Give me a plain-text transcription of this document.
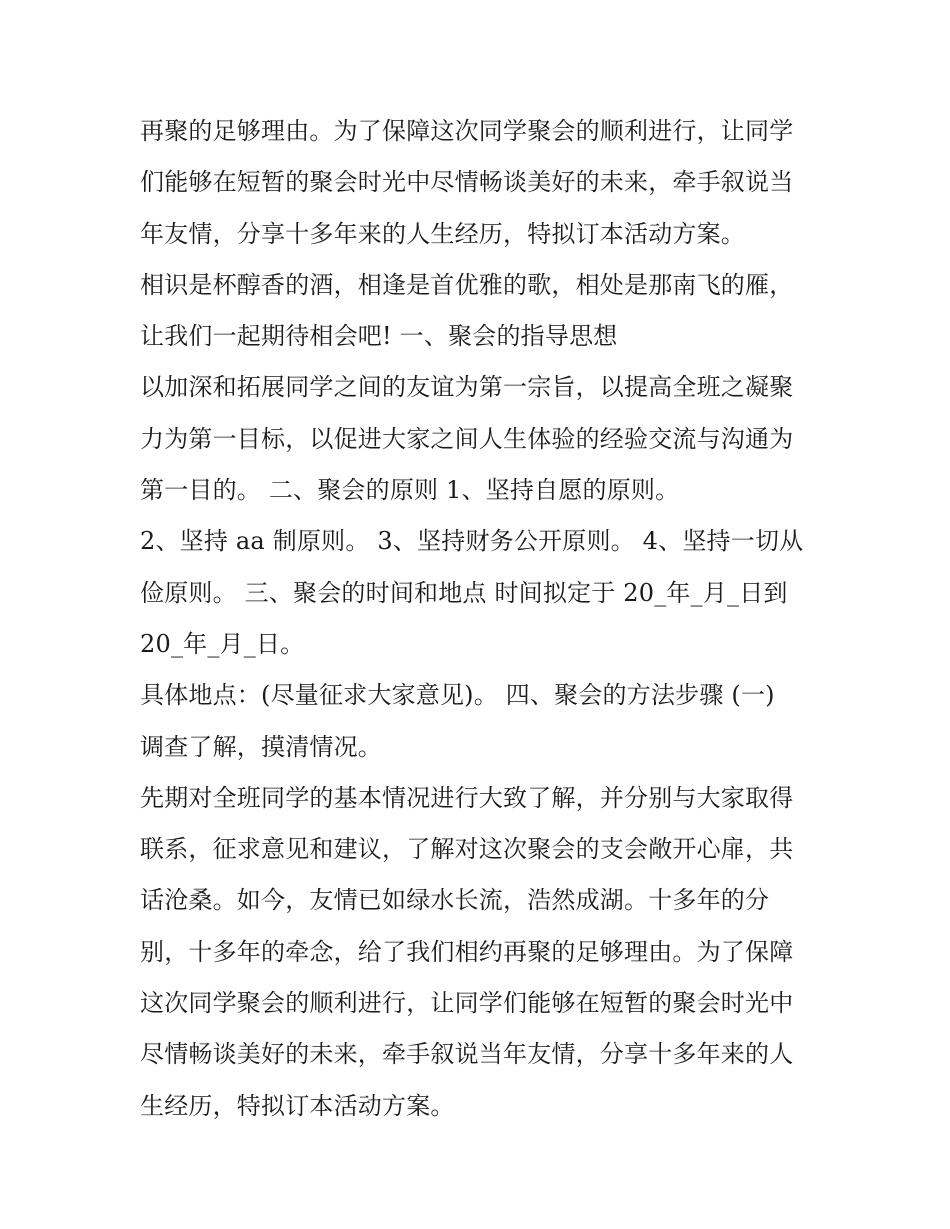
再聚的足够理由。为了保障这次同学聚会的顺利进行，让同学
们能够在短暂的聚会时光中尽情畅谈美好的未来，牵手叙说当
年友情，分享十多年来的人生经历，特拟订本活动方案。
相识是杯醇香的酒，相逢是首优雅的歌，相处是那南飞的雁，
让我们一起期待相会吧! 一、聚会的指导思想
以加深和拓展同学之间的友谊为第一宗旨，以提高全班之凝聚
力为第一目标，以促进大家之间人生体验的经验交流与沟通为
第一目的。 二、聚会的原则 1、坚持自愿的原则。
2、坚持 aa 制原则。 3、坚持财务公开原则。 4、坚持一切从
俭原则。 三、聚会的时间和地点 时间拟定于 20_年_月_日到
20_年_月_日。
具体地点：(尽量征求大家意见)。 四、聚会的方法步骤 (一)
调查了解，摸清情况。
先期对全班同学的基本情况进行大致了解，并分别与大家取得
联系，征求意见和建议，了解对这次聚会的支会敞开心扉，共
话沧桑。如今，友情已如绿水长流，浩然成湖。十多年的分
别，十多年的牵念，给了我们相约再聚的足够理由。为了保障
这次同学聚会的顺利进行，让同学们能够在短暂的聚会时光中
尽情畅谈美好的未来，牵手叙说当年友情，分享十多年来的人
生经历，特拟订本活动方案。
